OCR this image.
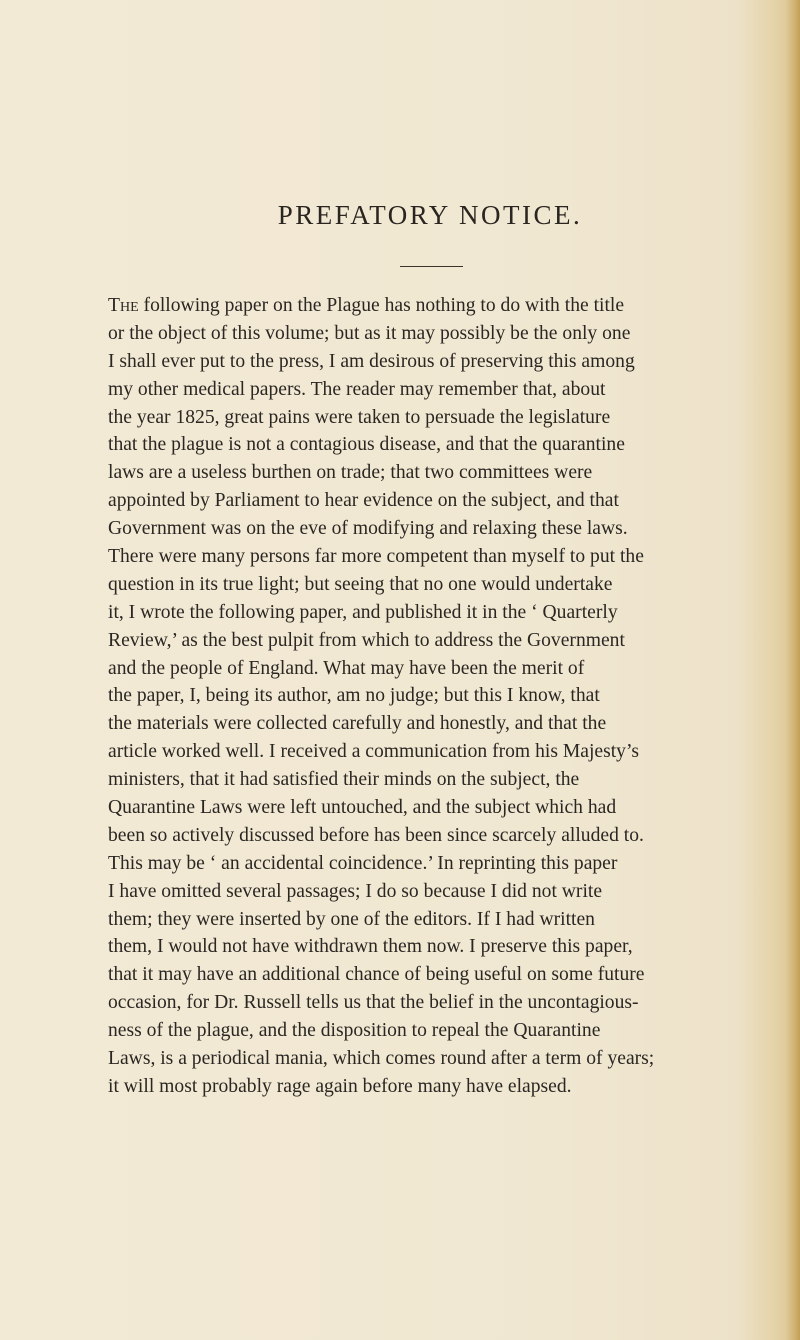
PREFATORY NOTICE.
The following paper on the Plague has nothing to do with the title
or the object of this volume; but as it may possibly be the only one
I shall ever put to the press, I am desirous of preserving this among
my other medical papers. The reader may remember that, about
the year 1825, great pains were taken to persuade the legislature
that the plague is not a contagious disease, and that the quarantine
laws are a useless burthen on trade; that two committees were
appointed by Parliament to hear evidence on the subject, and that
Government was on the eve of modifying and relaxing these laws.
There were many persons far more competent than myself to put the
question in its true light; but seeing that no one would undertake
it, I wrote the following paper, and published it in the ‘ Quarterly
Review,’ as the best pulpit from which to address the Government
and the people of England. What may have been the merit of
the paper, I, being its author, am no judge; but this I know, that
the materials were collected carefully and honestly, and that the
article worked well. I received a communication from his Majesty’s
ministers, that it had satisfied their minds on the subject, the
Quarantine Laws were left untouched, and the subject which had
been so actively discussed before has been since scarcely alluded to.
This may be ‘ an accidental coincidence.’ In reprinting this paper
I have omitted several passages; I do so because I did not write
them; they were inserted by one of the editors. If I had written
them, I would not have withdrawn them now. I preserve this paper,
that it may have an additional chance of being useful on some future
occasion, for Dr. Russell tells us that the belief in the uncontagious-
ness of the plague, and the disposition to repeal the Quarantine
Laws, is a periodical mania, which comes round after a term of years;
it will most probably rage again before many have elapsed.
